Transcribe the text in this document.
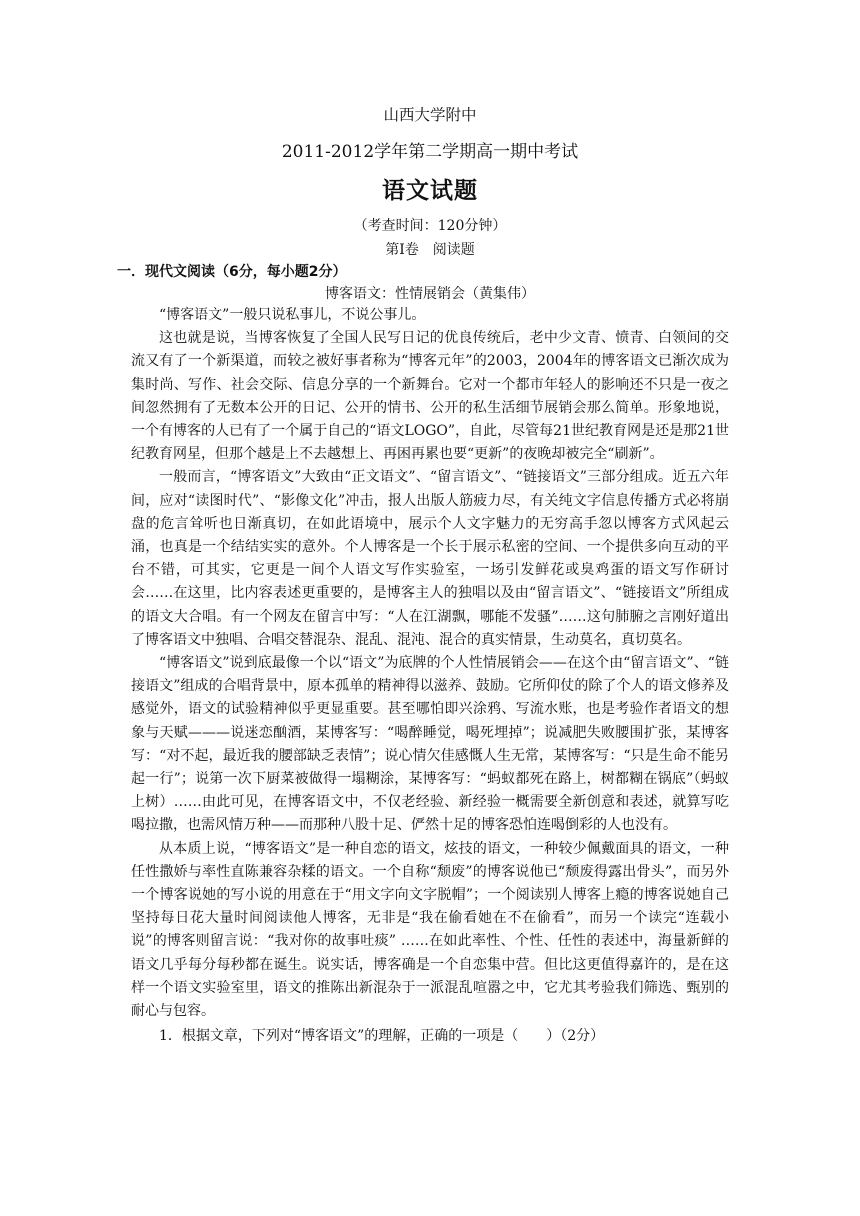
山西大学附中
2011-2012学年第二学期高一期中考试
语文试题
（考查时间：120分钟）
第Ⅰ卷　阅读题
一．现代文阅读（6分，每小题2分）
博客语文：性情展销会（黄集伟）

“博客语文”一般只说私事儿，不说公事儿。

这也就是说，当博客恢复了全国人民写日记的优良传统后，老中少文青、愤青、白领间的交流又有了一个新渠道，而较之被好事者称为“博客元年”的2003，2004年的博客语文已渐次成为集时尚、写作、社会交际、信息分享的一个新舞台。它对一个都市年轻人的影响还不只是一夜之间忽然拥有了无数本公开的日记、公开的情书、公开的私生活细节展销会那么简单。形象地说，一个有博客的人已有了一个属于自己的“语文LOGO”，自此，尽管每21世纪教育网是还是那21世纪教育网星，但那个越是上不去越想上、再困再累也要“更新”的夜晚却被完全“刷新”。

一般而言，“博客语文”大致由“正文语文”、“留言语文”、“链接语文”三部分组成。近五六年间，应对“读图时代”、“影像文化”冲击，报人出版人筋疲力尽，有关纯文字信息传播方式必将崩盘的危言耸听也日渐真切，在如此语境中，展示个人文字魅力的无穷高手忽以博客方式风起云涌，也真是一个结结实实的意外。个人博客是一个长于展示私密的空间、一个提供多向互动的平台不错，可其实，它更是一间个人语文写作实验室，一场引发鲜花或臭鸡蛋的语文写作研讨会……在这里，比内容表述更重要的，是博客主人的独唱以及由“留言语文”、“链接语文”所组成的语文大合唱。有一个网友在留言中写：“人在江湖飘，哪能不发骚”……这句肺腑之言刚好道出了博客语文中独唱、合唱交替混杂、混乱、混沌、混合的真实情景，生动莫名，真切莫名。

“博客语文”说到底最像一个以“语文”为底牌的个人性情展销会——在这个由“留言语文”、“链接语文”组成的合唱背景中，原本孤单的精神得以滋养、鼓励。它所仰仗的除了个人的语文修养及感觉外，语文的试验精神似乎更显重要。甚至哪怕即兴涂鸦、写流水账，也是考验作者语文的想象与天赋———说迷恋酗酒，某博客写：“喝醉睡觉，喝死埋掉”；说减肥失败腰围扩张，某博客写：“对不起，最近我的腰部缺乏表情”；说心情欠佳感慨人生无常，某博客写：“只是生命不能另起一行”；说第一次下厨菜被做得一塌糊涂，某博客写：“蚂蚁都死在路上，树都糊在锅底”（蚂蚁上树）……由此可见，在博客语文中，不仅老经验、新经验一概需要全新创意和表述，就算写吃喝拉撒，也需风情万种——而那种八股十足、俨然十足的博客恐怕连喝倒彩的人也没有。

从本质上说，“博客语文”是一种自恋的语文，炫技的语文，一种较少佩戴面具的语文，一种任性撒娇与率性直陈兼容杂糅的语文。一个自称“颓废”的博客说他已“颓废得露出骨头”，而另外一个博客说她的写小说的用意在于“用文字向文字脱帽”；一个阅读别人博客上瘾的博客说她自己坚持每日花大量时间阅读他人博客，无非是“我在偷看她在不在偷看”，而另一个读完“连载小说”的博客则留言说：“我对你的故事吐痰” ……在如此率性、个性、任性的表述中，海量新鲜的语文几乎每分每秒都在诞生。说实话，博客确是一个自恋集中营。但比这更值得嘉许的，是在这样一个语文实验室里，语文的推陈出新混杂于一派混乱喧嚣之中，它尤其考验我们筛选、甄别的耐心与包容。

1．根据文章，下列对“博客语文”的理解，正确的一项是（　　）（2分）
